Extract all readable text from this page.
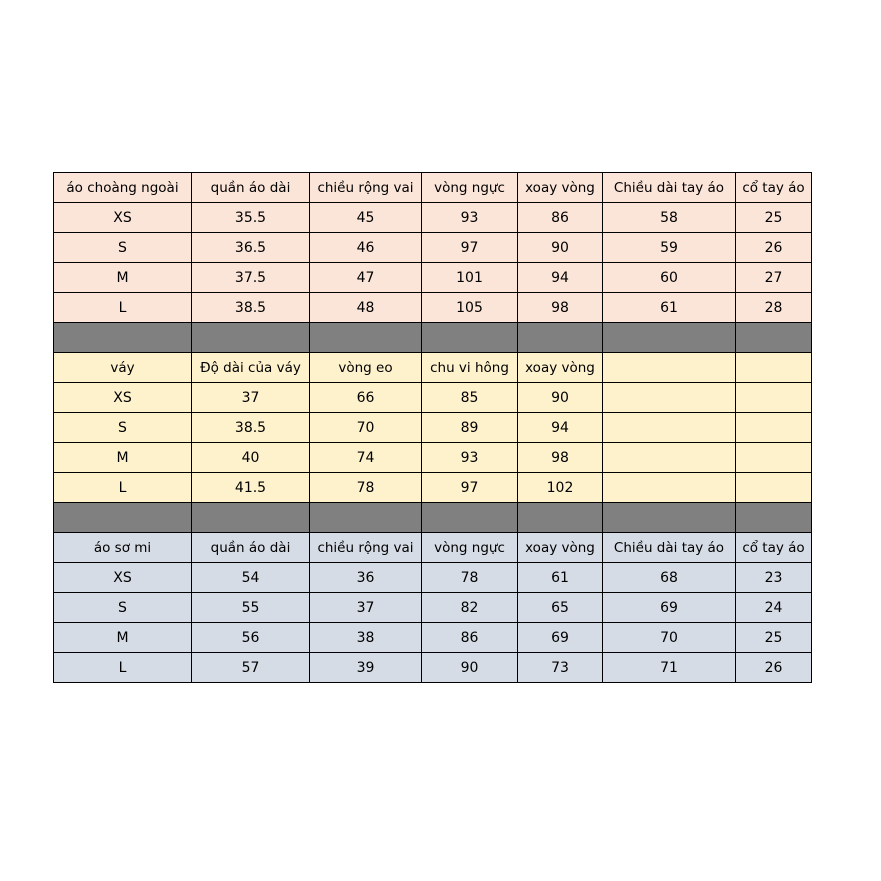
áo choàng ngoài	quần áo dài	chiều rộng vai	vòng ngực	xoay vòng	Chiều dài tay áo	cổ tay áo
XS	35.5	45	93	86	58	25
S	36.5	46	97	90	59	26
M	37.5	47	101	94	60	27
L	38.5	48	105	98	61	28

váy	Độ dài của váy	vòng eo	chu vi hông	xoay vòng		
XS	37	66	85	90		
S	38.5	70	89	94		
M	40	74	93	98		
L	41.5	78	97	102		

áo sơ mi	quần áo dài	chiều rộng vai	vòng ngực	xoay vòng	Chiều dài tay áo	cổ tay áo
XS	54	36	78	61	68	23
S	55	37	82	65	69	24
M	56	38	86	69	70	25
L	57	39	90	73	71	26
